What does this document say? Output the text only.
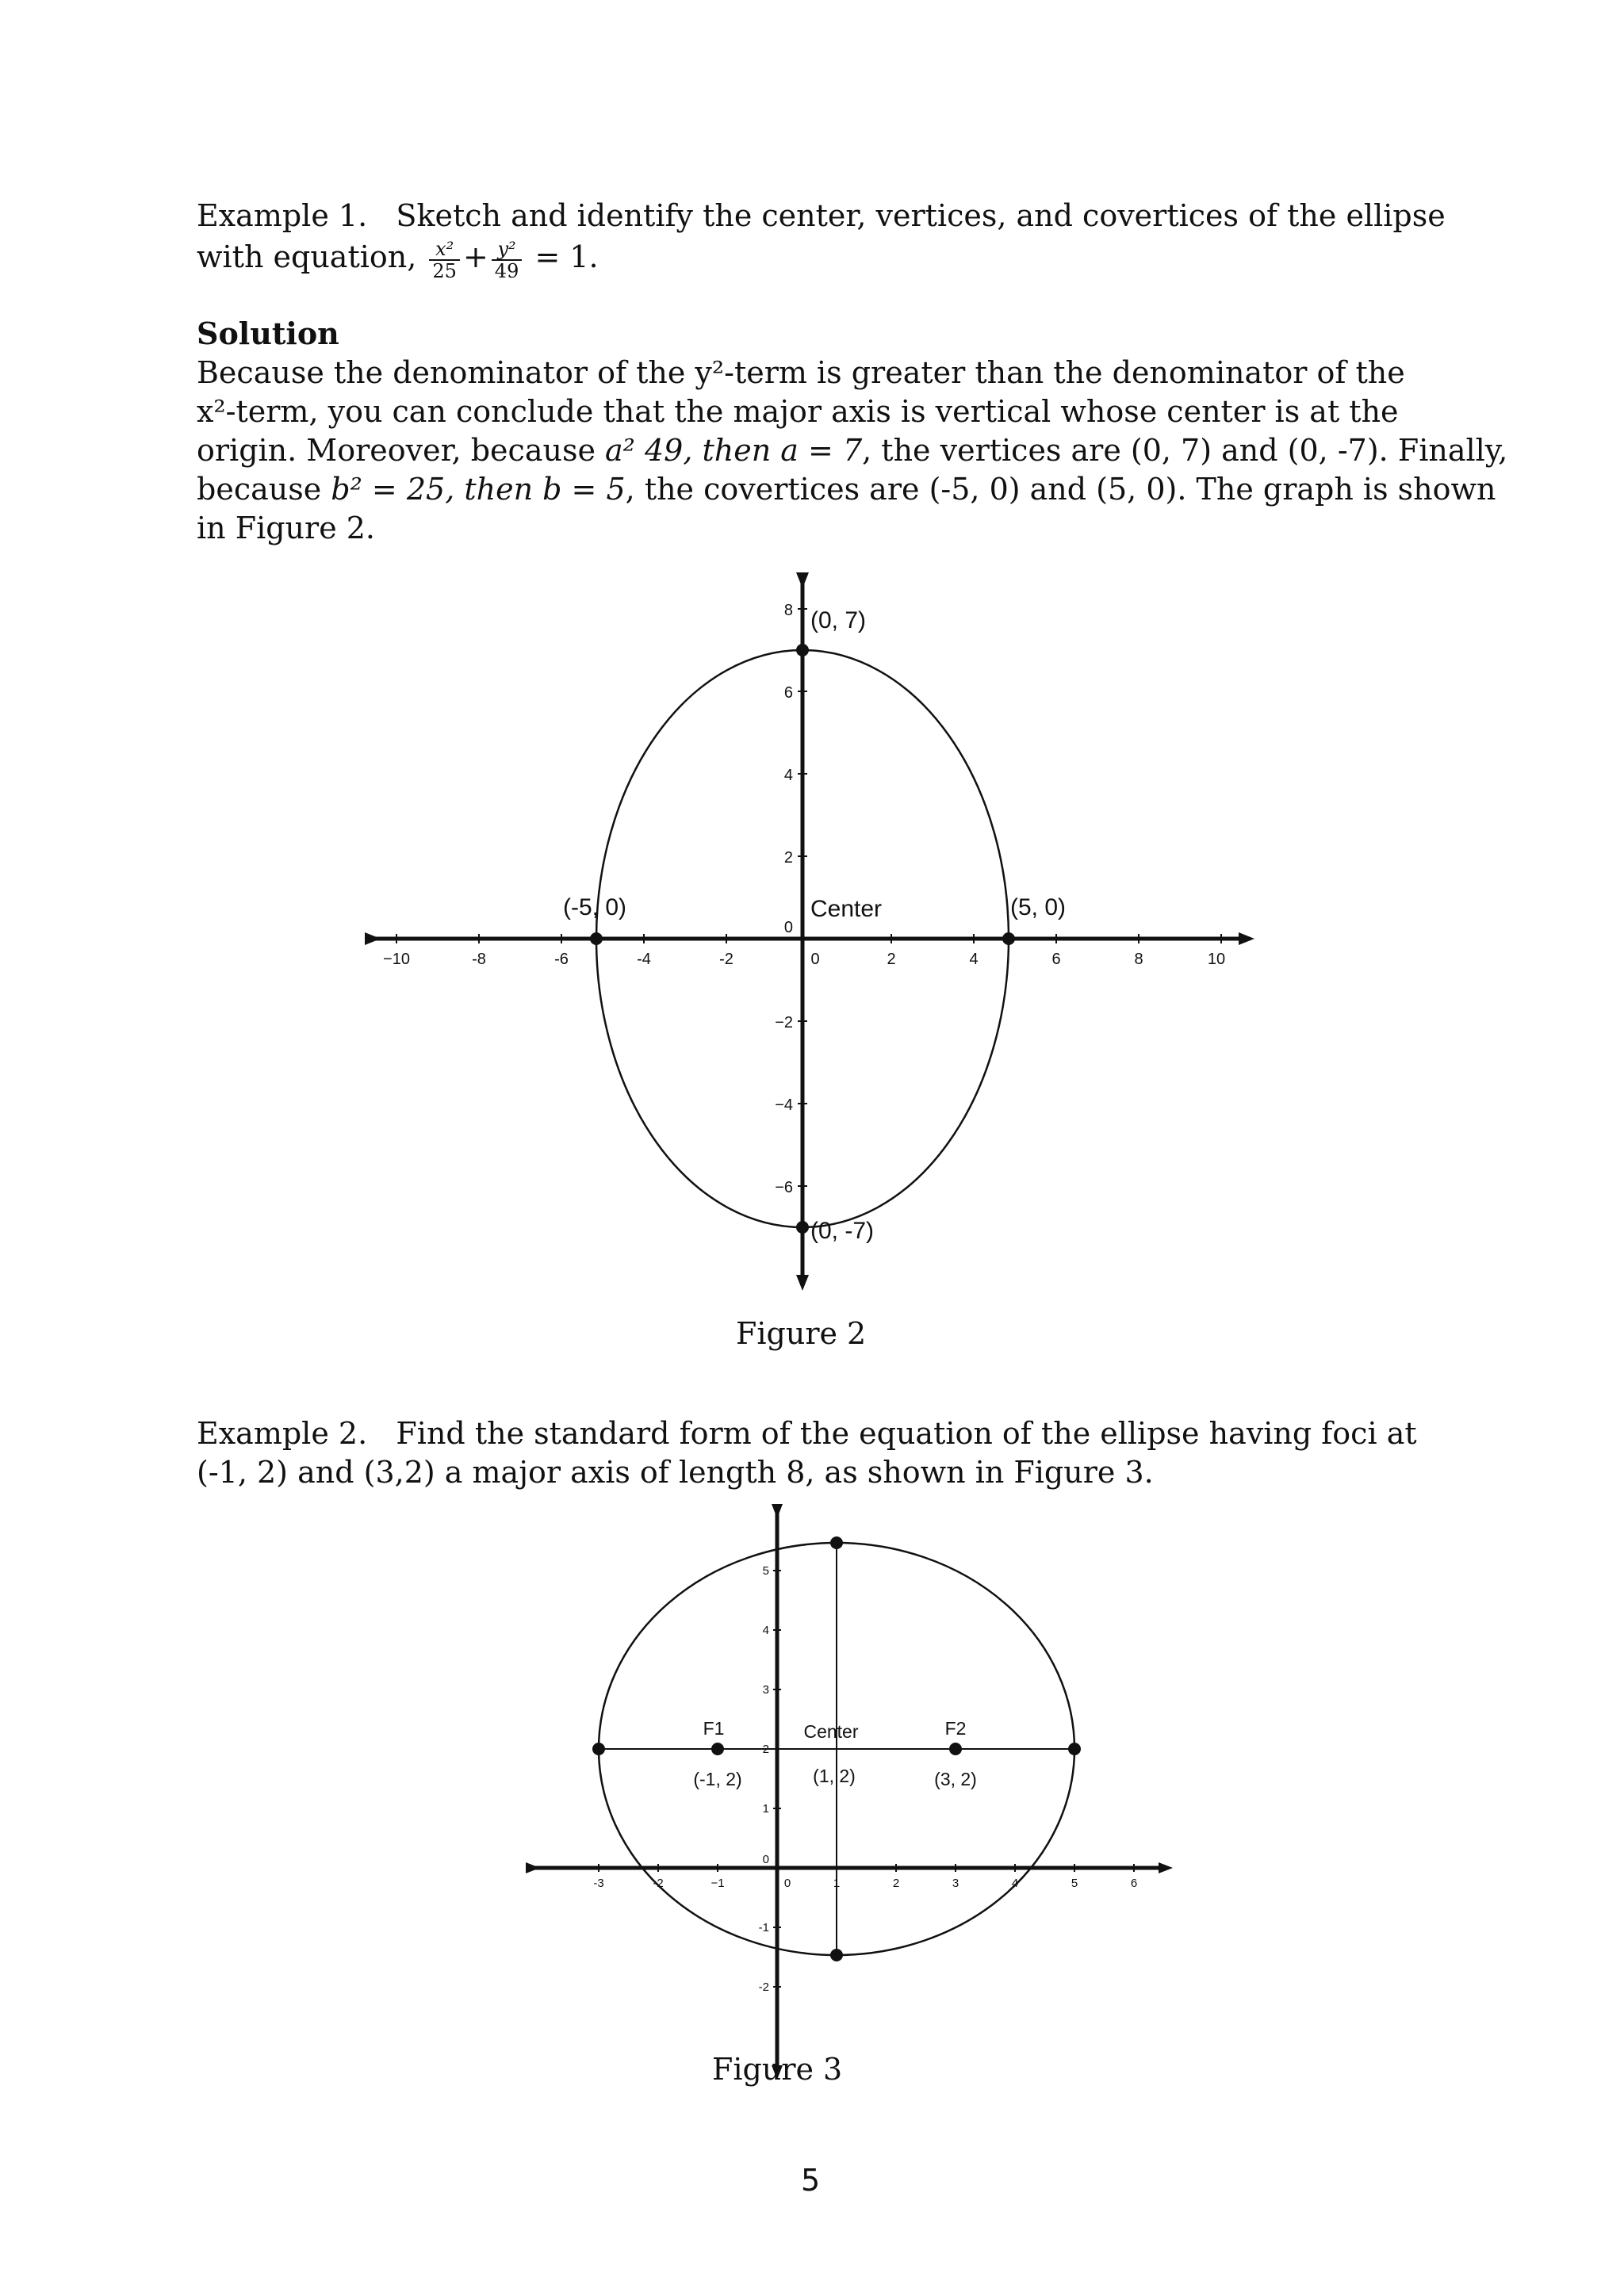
Example 1. Sketch and identify the center, vertices, and covertices of the ellipse

with equation, $\frac{\text{x²}}{25} + \frac{\text{y²}}{49} = 1$.

Solution

Because the denominator of the y²-term is greater than the denominator of the

x²-term, you can conclude that the major axis is vertical whose center is at the

origin. Moreover, because a² 49, then a = 7, the vertices are (0, 7) and (0, -7). Finally,

because b² = 25, then b = 5, the covertices are (-5, 0) and (5, 0). The graph is shown

in Figure 2.

−10	-8	-6	-4	-2	0	2	4	6	8	10
8
6
4
2
0
−2
−4
−6
(0, 7)
(0, -7)
(-5, 0)	(5, 0)
Center
Figure 2

Example 2. Find the standard form of the equation of the ellipse having foci at

(-1, 2) and (3,2) a major axis of length 8, as shown in Figure 3.

-3	-2	−1	0	1	2	3	4	5	6
5
4
3
2
1
0
-1
-2
F1
(-1, 2)
Center
(1, 2)
F2
(3, 2)
Figure 3
5
